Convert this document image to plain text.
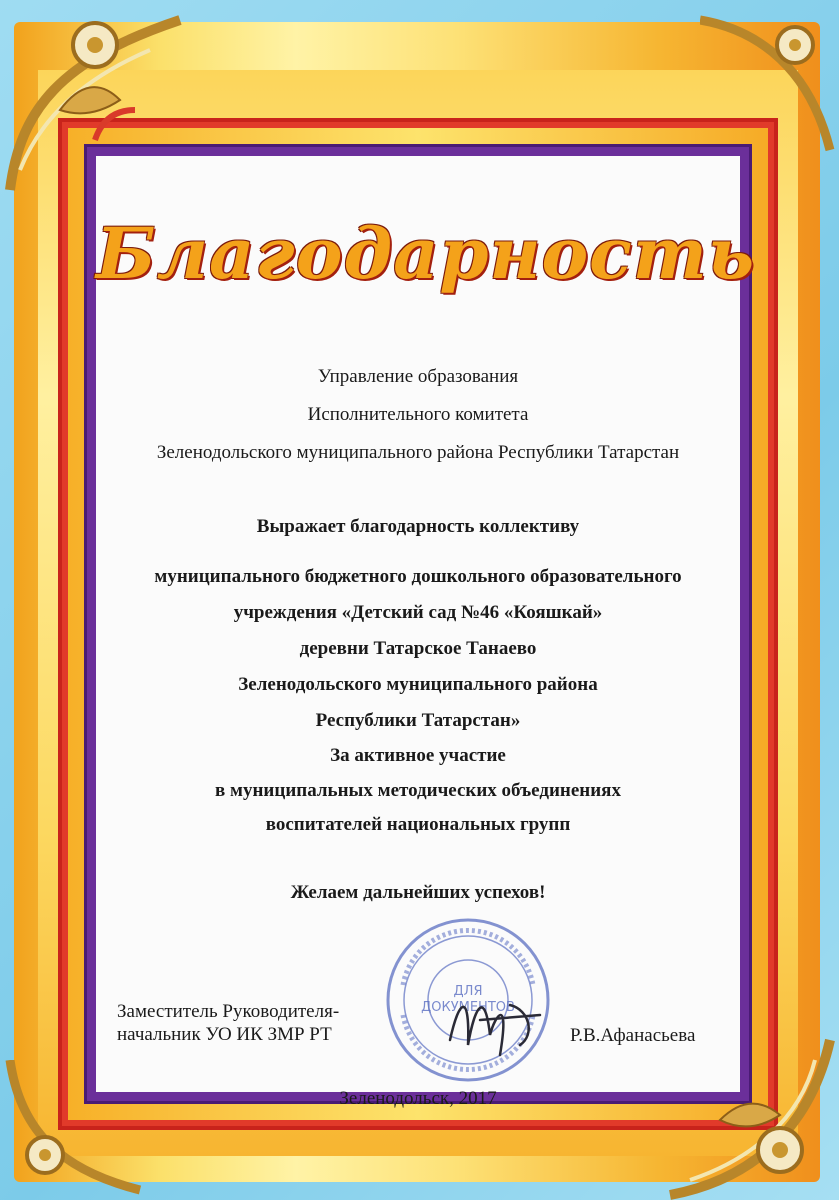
Благодарность
Управление образования
Исполнительного комитета
Зеленодольского муниципального района Республики Татарстан
Выражает благодарность коллективу
муниципального бюджетного дошкольного образовательного
учреждения «Детский сад №46 «Кояшкай»
деревни Татарское Танаево
Зеленодольского муниципального района
Республики Татарстан»
За активное участие
в муниципальных методических объединениях
воспитателей национальных групп
Желаем дальнейших успехов!
ДЛЯ
ДОКУМЕНТОВ
Заместитель Руководителя-
начальник УО ИК ЗМР РТ	Р.В.Афанасьева
Зеленодольск, 2017
